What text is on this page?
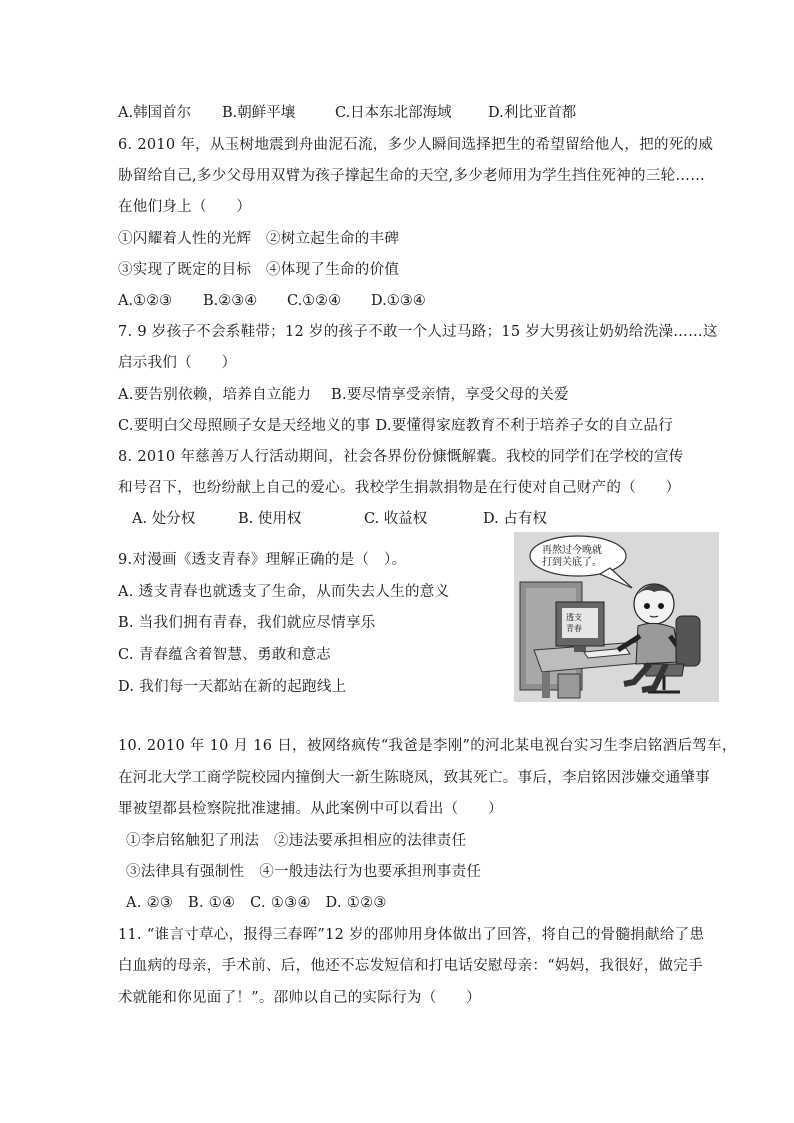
A.韩国首尔 B.朝鲜平壤	C.日本东北部海域	D.利比亚首都
6. 2010 年，从玉树地震到舟曲泥石流，多少人瞬间选择把生的希望留给他人，把的死的威
胁留给自己,多少父母用双臂为孩子撑起生命的天空,多少老师用为学生挡住死神的三轮……
在他们身上（　　）
①闪耀着人性的光辉　②树立起生命的丰碑
③实现了既定的目标　④体现了生命的价值
A.①②③ B.②③④ C.①②④ D.①③④
7. 9 岁孩子不会系鞋带；12 岁的孩子不敢一个人过马路；15 岁大男孩让奶奶给洗澡……这
启示我们（　　）
A.要告别依赖，培养自立能力　 B.要尽情享受亲情，享受父母的关爱
C.要明白父母照顾子女是天经地义的事 D.要懂得家庭教育不利于培养子女的自立品行
8. 2010 年慈善万人行活动期间，社会各界份份慷慨解囊。我校的同学们在学校的宣传
和号召下，也纷纷献上自己的爱心。我校学生捐款捐物是在行使对自己财产的（　　）
A. 处分权	B. 使用权	C. 收益权	D. 占有权
9.对漫画《透支青春》理解正确的是（　）。
A. 透支青春也就透支了生命，从而失去人生的意义
B. 当我们拥有青春，我们就应尽情享乐
C. 青春蕴含着智慧、勇敢和意志
D. 我们每一天都站在新的起跑线上
再熬过今晚就
打到关底了。
透支
青春
10. 2010 年 10 月 16 日，被网络疯传“我爸是李刚”的河北某电视台实习生李启铭酒后驾车，
在河北大学工商学院校园内撞倒大一新生陈晓凤，致其死亡。事后，李启铭因涉嫌交通肇事
罪被望都县检察院批准逮捕。从此案例中可以看出（　　）
①李启铭触犯了刑法　②违法要承担相应的法律责任
③法律具有强制性　④一般违法行为也要承担刑事责任
A. ②③　B. ①④　C. ①③④　D. ①②③
11. “谁言寸草心，报得三春晖”12 岁的邵帅用身体做出了回答，将自己的骨髓捐献给了患
白血病的母亲，手术前、后，他还不忘发短信和打电话安慰母亲：“妈妈，我很好，做完手
术就能和你见面了！”。邵帅以自己的实际行为（　　）
